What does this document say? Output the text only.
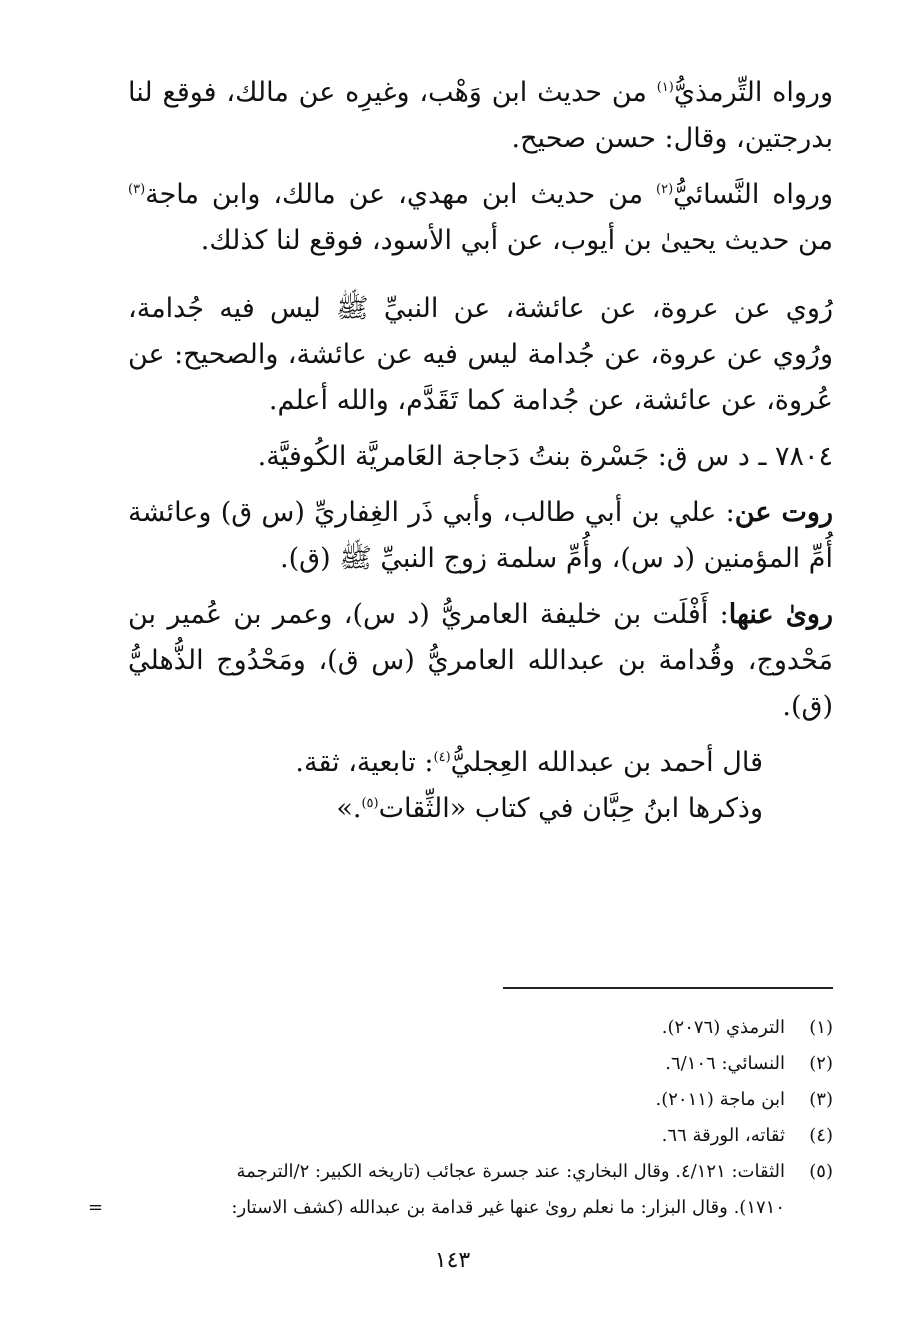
ورواه التِّرمذيُّ$^{(١)}$ من حديث ابن وَهْب، وغيرِه عن مالك، فوقع لنا بدرجتين، وقال: حسن صحيح.

ورواه النَّسائيُّ$^{(٢)}$ من حديث ابن مهدي، عن مالك، وابن ماجة$^{(٣)}$ من حديث يحيىٰ بن أيوب، عن أبي الأسود، فوقع لنا كذلك.

رُوي عن عروة، عن عائشة، عن النبيِّ ﷺ ليس فيه جُدامة، ورُوي عن عروة، عن جُدامة ليس فيه عن عائشة، والصحيح: عن عُروة، عن عائشة، عن جُدامة كما تَقَدَّم، والله أعلم.

٧٨٠٤ ـ د س ق: جَسْرة بنتُ دَجاجة العَامريَّة الكُوفيَّة.

روت عن: علي بن أبي طالب، وأبي ذَر الغِفاريِّ (س ق) وعائشة أُمِّ المؤمنين (د س)، وأُمِّ سلمة زوج النبيِّ ﷺ (ق).

روىٰ عنها: أَفْلَت بن خليفة العامريُّ (د س)، وعمر بن عُمير بن مَحْدوج، وقُدامة بن عبدالله العامريُّ (س ق)، ومَحْدُوج الذُّهليُّ (ق).

قال أحمد بن عبدالله العِجليُّ$^{(٤)}$: تابعية، ثقة.

وذكرها ابنُ حِبَّان في كتاب «الثِّقات$^{(٥)}$.»

(١)
الترمذي (٢٠٧٦).

(٢)
النسائي: ٦/١٠٦.

(٣)
ابن ماجة (٢٠١١).

(٤)
ثقاته، الورقة ٦٦.

(٥)
الثقات: ٤/١٢١. وقال البخاري: عند جسرة عجائب (تاريخه الكبير: ٢/الترجمة

١٧١٠). وقال البزار: ما نعلم روىٰ عنها غير قدامة بن عبدالله (كشف الاستار:
=

١٤٣
